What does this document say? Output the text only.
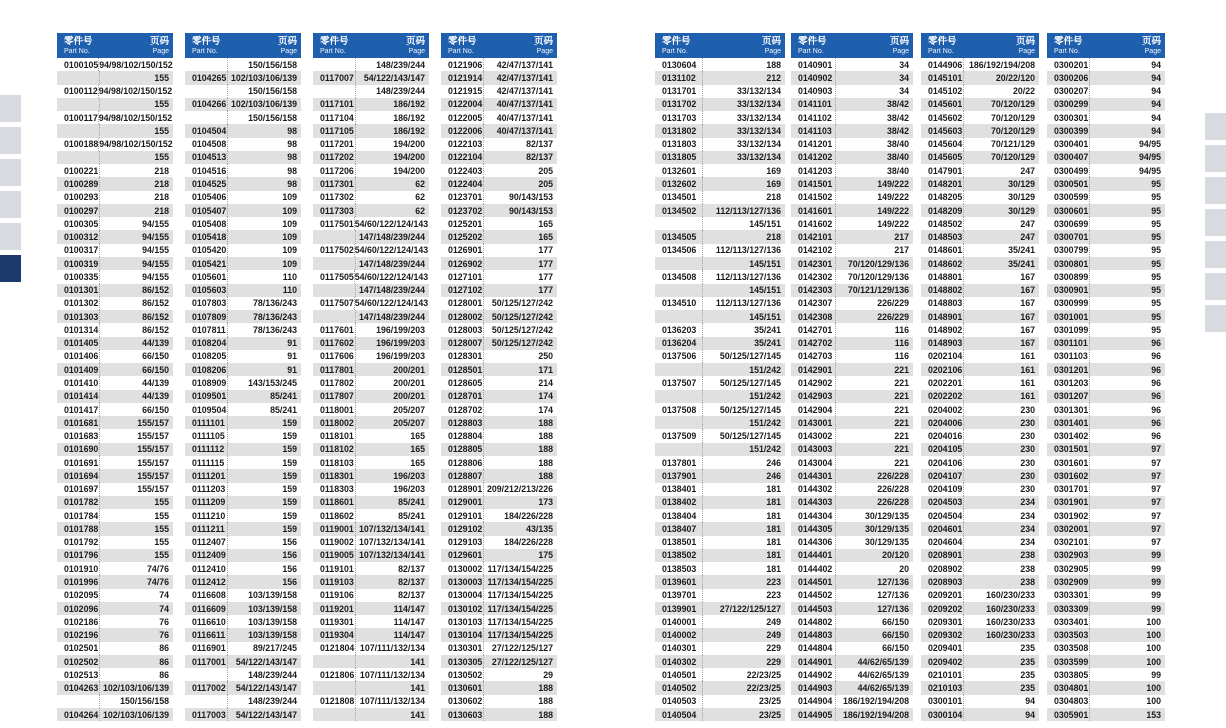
零件号
Part No.
页码
Page
0100105 94/98/102/150/152
155
0100112 94/98/102/150/152
155
0100117 94/98/102/150/152
155
0100188 94/98/102/150/152
155
0100221	218
0100289	218
0100293	218
0100297	218
0100305	94/155
0100312	94/155
0100317	94/155
0100319	94/155
0100335	94/155
0101301	86/152
0101302	86/152
0101303	86/152
0101314	86/152
0101405	44/139
0101406	66/150
0101409	66/150
0101410	44/139
0101414	44/139
0101417	66/150
0101681	155/157
0101683	155/157
0101690	155/157
0101691	155/157
0101694	155/157
0101697	155/157
0101782	155
0101784	155
0101788	155
0101792	155
0101796	155
0101910	74/76
0101996	74/76
0102095	74
0102096	74
0102186	76
0102196	76
0102501	86
0102502	86
0102513	86
0104263 102/103/106/139
150/156/158
0104264 102/103/106/139
零件号
Part No.
页码
Page
150/156/158
0104265 102/103/106/139
150/156/158
0104266 102/103/106/139
150/156/158
0104504	98
0104508	98
0104513	98
0104516	98
0104525	98
0105406	109
0105407	109
0105408	109
0105418	109
0105420	109
0105421	109
0105601	110
0105603	110
0107803	78/136/243
0107809	78/136/243
0107811	78/136/243
0108204	91
0108205	91
0108206	91
0108909	143/153/245
0109501	85/241
0109504	85/241
0111101	159
0111105	159
0111112	159
0111115	159
0111201	159
0111203	159
0111209	159
0111210	159
0111211	159
0112407	156
0112409	156
0112410	156
0112412	156
0116608	103/139/158
0116609	103/139/158
0116610	103/139/158
0116611	103/139/158
0116901	89/217/245
0117001	54/122/143/147
148/239/244
0117002	54/122/143/147
148/239/244
0117003	54/122/143/147
零件号
Part No.
页码
Page
148/239/244
0117007	54/122/143/147
148/239/244
0117101	186/192
0117104	186/192
0117105	186/192
0117201	194/200
0117202	194/200
0117206	194/200
0117301	62
0117302	62
0117303	62
0117501 54/60/122/124/143
147/148/239/244
0117502 54/60/122/124/143
147/148/239/244
0117505 54/60/122/124/143
147/148/239/244
0117507 54/60/122/124/143
147/148/239/244
0117601	196/199/203
0117602	196/199/203
0117606	196/199/203
0117801	200/201
0117802	200/201
0117807	200/201
0118001	205/207
0118002	205/207
0118101	165
0118102	165
0118103	165
0118301	196/203
0118303	196/203
0118601	85/241
0118602	85/241
0119001 107/132/134/141
0119002 107/132/134/141
0119005 107/132/134/141
0119101	82/137
0119103	82/137
0119106	82/137
0119201	114/147
0119301	114/147
0119304	114/147
0121804 107/111/132/134
141
0121806 107/111/132/134
141
0121808 107/111/132/134
141
零件号
Part No.
页码
Page
0121906	42/47/137/141
0121914	42/47/137/141
0121915	42/47/137/141
0122004	40/47/137/141
0122005	40/47/137/141
0122006	40/47/137/141
0122103	82/137
0122104	82/137
0122403	205
0122404	205
0123701	90/143/153
0123702	90/143/153
0125201	165
0125202	165
0126901	177
0126902	177
0127101	177
0127102	177
0128001	50/125/127/242
0128002	50/125/127/242
0128003	50/125/127/242
0128007	50/125/127/242
0128301	250
0128501	171
0128605	214
0128701	174
0128702	174
0128803	188
0128804	188
0128805	188
0128806	188
0128807	188
0128901 209/212/213/226
0129001	173
0129101	184/226/228
0129102	43/135
0129103	184/226/228
0129601	175
0130002 117/134/154/225
0130003 117/134/154/225
0130004 117/134/154/225
0130102 117/134/154/225
0130103 117/134/154/225
0130104 117/134/154/225
0130301	27/122/125/127
0130305	27/122/125/127
0130502	29
0130601	188
0130602	188
0130603	188
零件号
Part No.
页码
Page
0130604	188
0131102	212
0131701	33/132/134
0131702	33/132/134
0131703	33/132/134
0131802	33/132/134
0131803	33/132/134
0131805	33/132/134
0132601	169
0132602	169
0134501	218
0134502	112/113/127/136
145/151
0134505	218
0134506	112/113/127/136
145/151
0134508	112/113/127/136
145/151
0134510	112/113/127/136
145/151
0136203	35/241
0136204	35/241
0137506	50/125/127/145
151/242
0137507	50/125/127/145
151/242
0137508	50/125/127/145
151/242
0137509	50/125/127/145
151/242
0137801	246
0137901	246
0138401	181
0138402	181
0138404	181
0138407	181
0138501	181
0138502	181
0138503	181
0139601	223
0139701	223
0139901	27/122/125/127
0140001	249
0140002	249
0140301	229
0140302	229
0140501	22/23/25
0140502	22/23/25
0140503	23/25
0140504	23/25
零件号
Part No.
页码
Page
0140901	34
0140902	34
0140903	34
0141101	38/42
0141102	38/42
0141103	38/42
0141201	38/40
0141202	38/40
0141203	38/40
0141501	149/222
0141502	149/222
0141601	149/222
0141602	149/222
0142101	217
0142102	217
0142301	70/120/129/136
0142302	70/120/129/136
0142303	70/121/129/136
0142307	226/229
0142308	226/229
0142701	116
0142702	116
0142703	116
0142901	221
0142902	221
0142903	221
0142904	221
0143001	221
0143002	221
0143003	221
0143004	221
0144301	226/228
0144302	226/228
0144303	226/228
0144304	30/129/135
0144305	30/129/135
0144306	30/129/135
0144401	20/120
0144402	20
0144501	127/136
0144502	127/136
0144503	127/136
0144802	66/150
0144803	66/150
0144804	66/150
0144901	44/62/65/139
0144902	44/62/65/139
0144903	44/62/65/139
0144904	186/192/194/208
0144905	186/192/194/208
零件号
Part No.
页码
Page
0144906 186/192/194/208
0145101	20/22/120
0145102	20/22
0145601	70/120/129
0145602	70/120/129
0145603	70/120/129
0145604	70/121/129
0145605	70/120/129
0147901	247
0148201	30/129
0148205	30/129
0148209	30/129
0148502	247
0148503	247
0148601	35/241
0148602	35/241
0148801	167
0148802	167
0148803	167
0148901	167
0148902	167
0148903	167
0202104	161
0202106	161
0202201	161
0202202	161
0204002	230
0204006	230
0204016	230
0204105	230
0204106	230
0204107	230
0204109	230
0204503	234
0204504	234
0204601	234
0204604	234
0208901	238
0208902	238
0208903	238
0209201	160/230/233
0209202	160/230/233
0209301	160/230/233
0209302	160/230/233
0209401	235
0209402	235
0210101	235
0210103	235
0300101	94
0300104	94
零件号
Part No.
页码
Page
0300201	94
0300206	94
0300207	94
0300299	94
0300301	94
0300399	94
0300401	94/95
0300407	94/95
0300499	94/95
0300501	95
0300599	95
0300601	95
0300699	95
0300701	95
0300799	95
0300801	95
0300899	95
0300901	95
0300999	95
0301001	95
0301099	95
0301101	96
0301103	96
0301201	96
0301203	96
0301207	96
0301301	96
0301401	96
0301402	96
0301501	97
0301601	97
0301602	97
0301701	97
0301901	97
0301902	97
0302001	97
0302101	97
0302903	99
0302905	99
0302909	99
0303301	99
0303309	99
0303401	100
0303503	100
0303508	100
0303599	100
0303805	99
0304801	100
0304803	100
0305901	153
